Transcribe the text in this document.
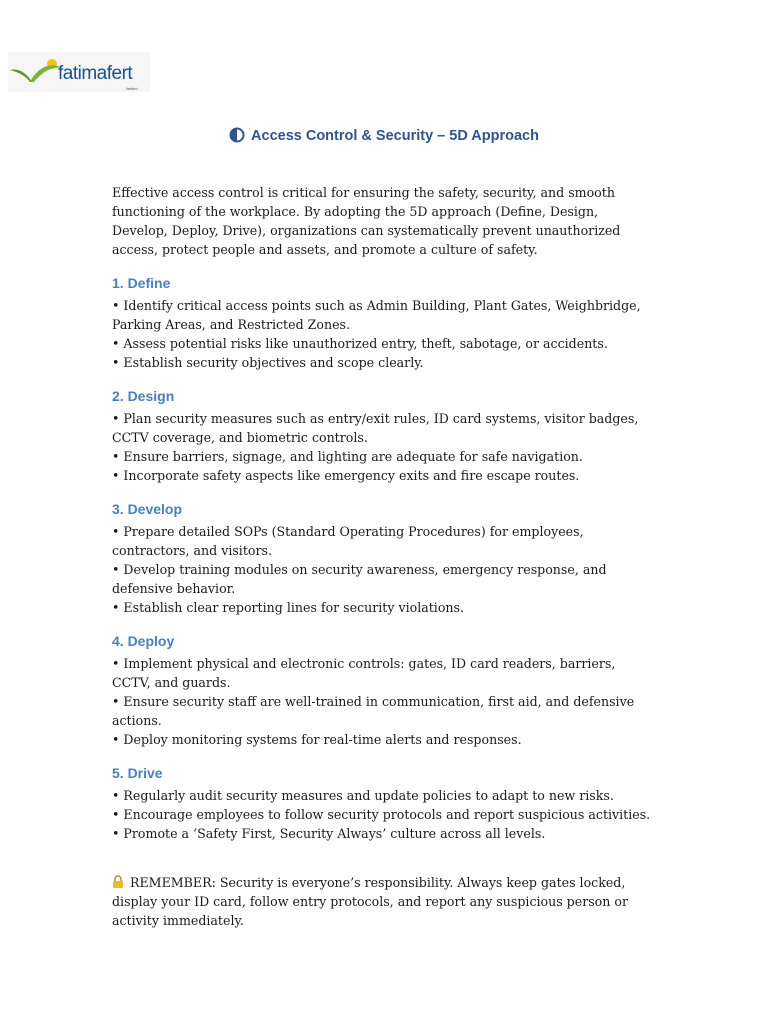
fatimafert
limited
Access Control & Security – 5D Approach

Effective access control is critical for ensuring the safety, security, and smooth functioning of the workplace. By adopting the 5D approach (Define, Design, Develop, Deploy, Drive), organizations can systematically prevent unauthorized access, protect people and assets, and promote a culture of safety.

1. Define

• Identify critical access points such as Admin Building, Plant Gates, Weighbridge, Parking Areas, and Restricted Zones.

• Assess potential risks like unauthorized entry, theft, sabotage, or accidents.

• Establish security objectives and scope clearly.

2. Design

• Plan security measures such as entry/exit rules, ID card systems, visitor badges, CCTV coverage, and biometric controls.

• Ensure barriers, signage, and lighting are adequate for safe navigation.

• Incorporate safety aspects like emergency exits and fire escape routes.

3. Develop

• Prepare detailed SOPs (Standard Operating Procedures) for employees, contractors, and visitors.

• Develop training modules on security awareness, emergency response, and defensive behavior.

• Establish clear reporting lines for security violations.

4. Deploy

• Implement physical and electronic controls: gates, ID card readers, barriers, CCTV, and guards.

• Ensure security staff are well-trained in communication, first aid, and defensive actions.

• Deploy monitoring systems for real-time alerts and responses.

5. Drive

• Regularly audit security measures and update policies to adapt to new risks.

• Encourage employees to follow security protocols and report suspicious activities.

• Promote a ‘Safety First, Security Always’ culture across all levels.

REMEMBER: Security is everyone’s responsibility. Always keep gates locked, display your ID card, follow entry protocols, and report any suspicious person or activity immediately.
